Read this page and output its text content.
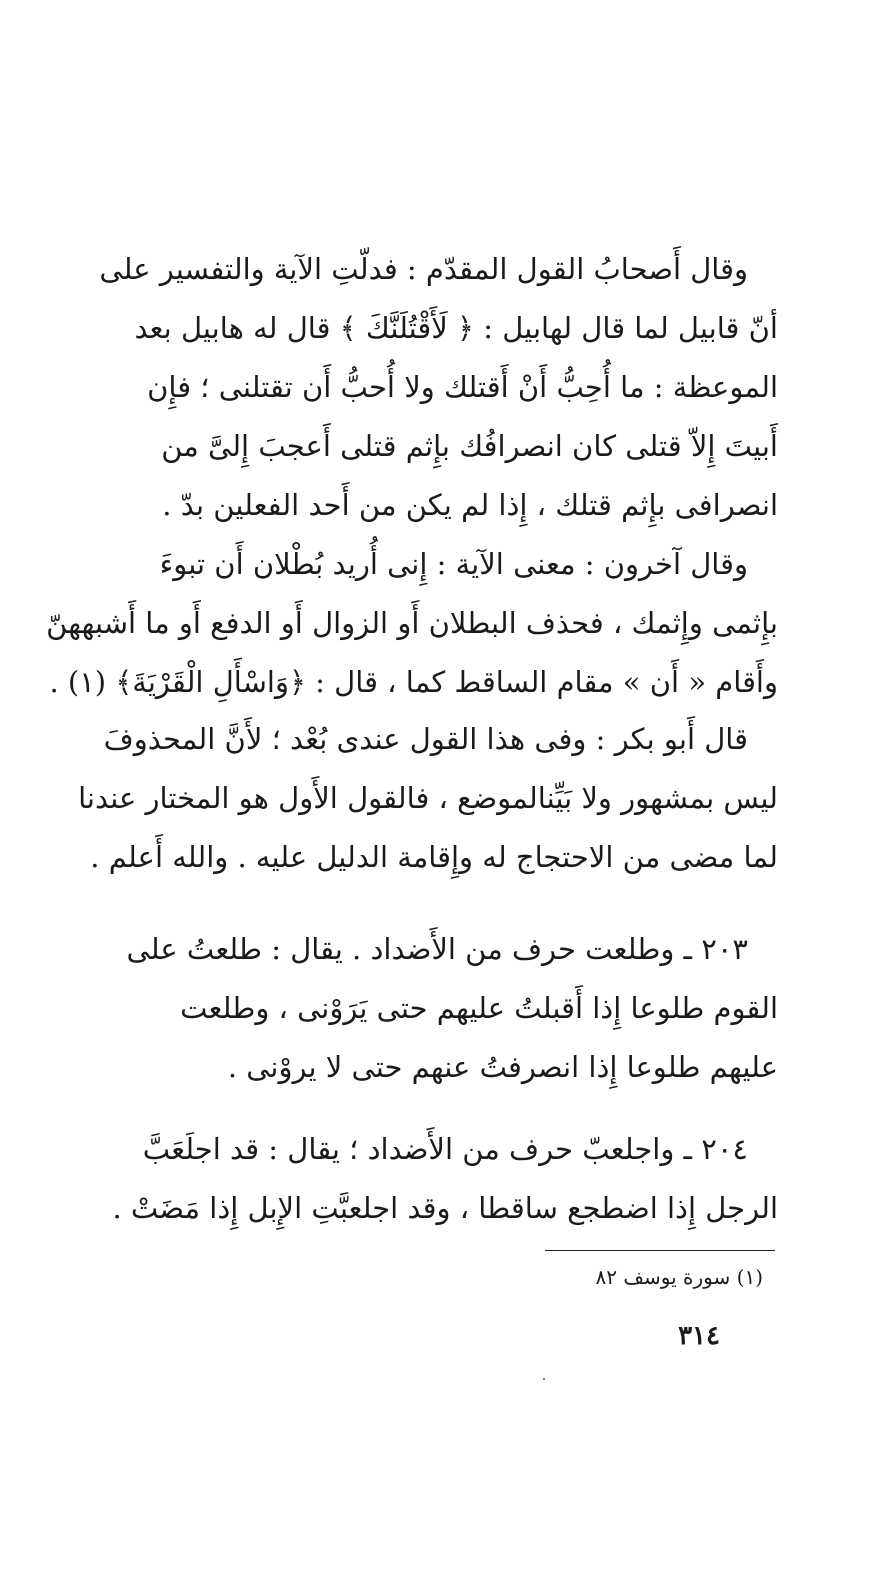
وقال أَصحابُ القول المقدّم : فدلّتِ الآية والتفسير على
أنّ قابيل لما قال لهابيل : ﴿ لَأَقْتُلَنَّكَ ﴾ قال له هابيل بعد
الموعظة : ما أُحِبُّ أَنْ أَقتلك ولا أُحبُّ أَن تقتلنى ؛ فإِن
أَبيتَ إِلاّ قتلى كان انصرافُك بإِثم قتلى أَعجبَ إِلىَّ من
انصرافى بإِثم قتلك ، إِذا لم يكن من أَحد الفعلين بدّ .
وقال آخرون : معنى الآية : إِنى أُريد بُطْلان أَن تبوءَ
بإِثمى وإِثمك ، فحذف البطلان أَو الزوال أَو الدفع أَو ما أَشبههنّ
وأَقام « أَن » مقام الساقط كما ، قال : ﴿وَاسْأَلِ الْقَرْيَةَ﴾ (١) .
قال أَبو بكر : وفى هذا القول عندى بُعْد ؛ لأَنَّ المحذوفَ
ليس بمشهور ولا بَيِّنالموضع ، فالقول الأَول هو المختار عندنا
لما مضى من الاحتجاج له وإِقامة الدليل عليه . والله أَعلم .
٢٠٣ ـ وطلعت حرف من الأَضداد . يقال : طلعتُ على
القوم طلوعا إِذا أَقبلتُ عليهم حتى يَرَوْنى ، وطلعت
عليهم طلوعا إِذا انصرفتُ عنهم حتى لا يروْنى .
٢٠٤ ـ واجلعبّ حرف من الأَضداد ؛ يقال : قد اجلَعَبَّ
الرجل إِذا اضطجع ساقطا ، وقد اجلعبَّتِ الإِبل إِذا مَضَتْ .
(١) سورة يوسف ٨٢
٣١٤
